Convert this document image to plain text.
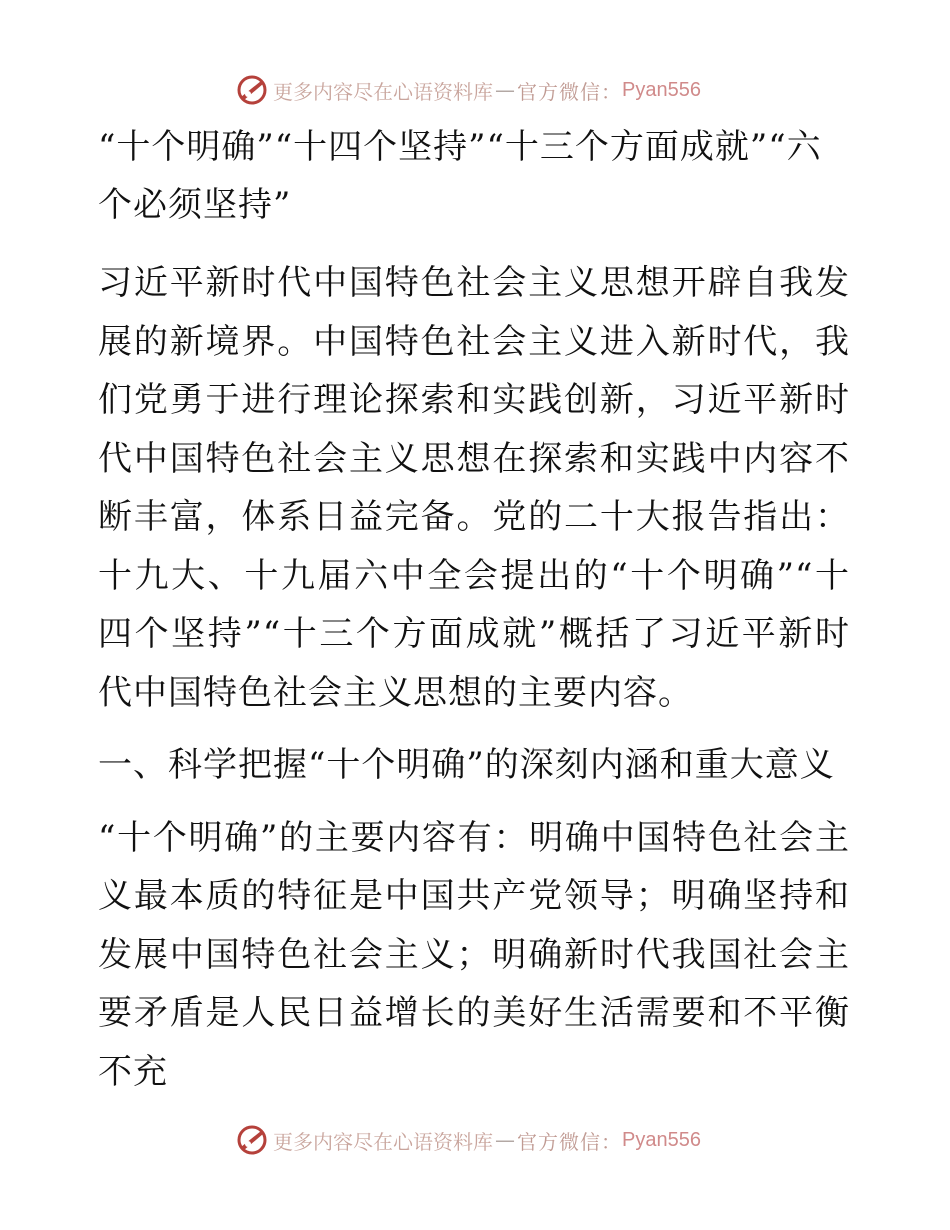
更多内容尽在心语资料库 — 官方微信： Pyan556
“十个明确”“十四个坚持”“十三个方面成就”“六个必须坚持”

习近平新时代中国特色社会主义思想开辟自我发展的新境界。中国特色社会主义进入新时代，我们党勇于进行理论探索和实践创新，习近平新时代中国特色社会主义思想在探索和实践中内容不断丰富，体系日益完备。党的二十大报告指出：十九大、十九届六中全会提出的“十个明确”“十四个坚持”“十三个方面成就”概括了习近平新时代中国特色社会主义思想的主要内容。

一、科学把握“十个明确”的深刻内涵和重大意义

“十个明确”的主要内容有：明确中国特色社会主义最本质的特征是中国共产党领导；明确坚持和发展中国特色社会主义；明确新时代我国社会主要矛盾是人民日益增长的美好生活需要和不平衡不充

更多内容尽在心语资料库 — 官方微信： Pyan556
